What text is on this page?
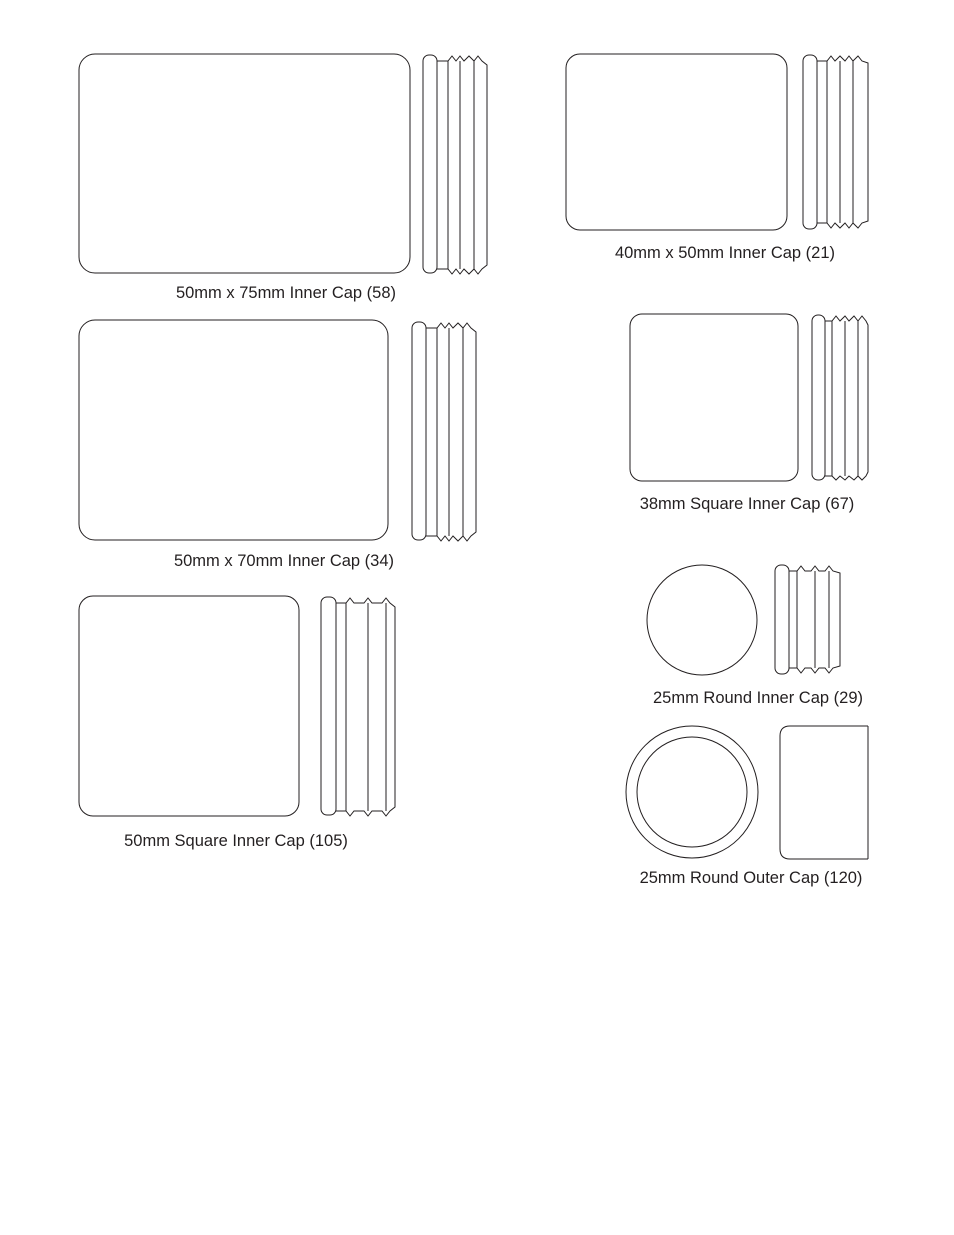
50mm x 75mm Inner Cap (58)
50mm x 70mm Inner Cap (34)
50mm Square Inner Cap (105)
40mm x 50mm Inner Cap (21)
38mm Square Inner Cap (67)
25mm Round Inner Cap (29)
25mm Round Outer Cap (120)
